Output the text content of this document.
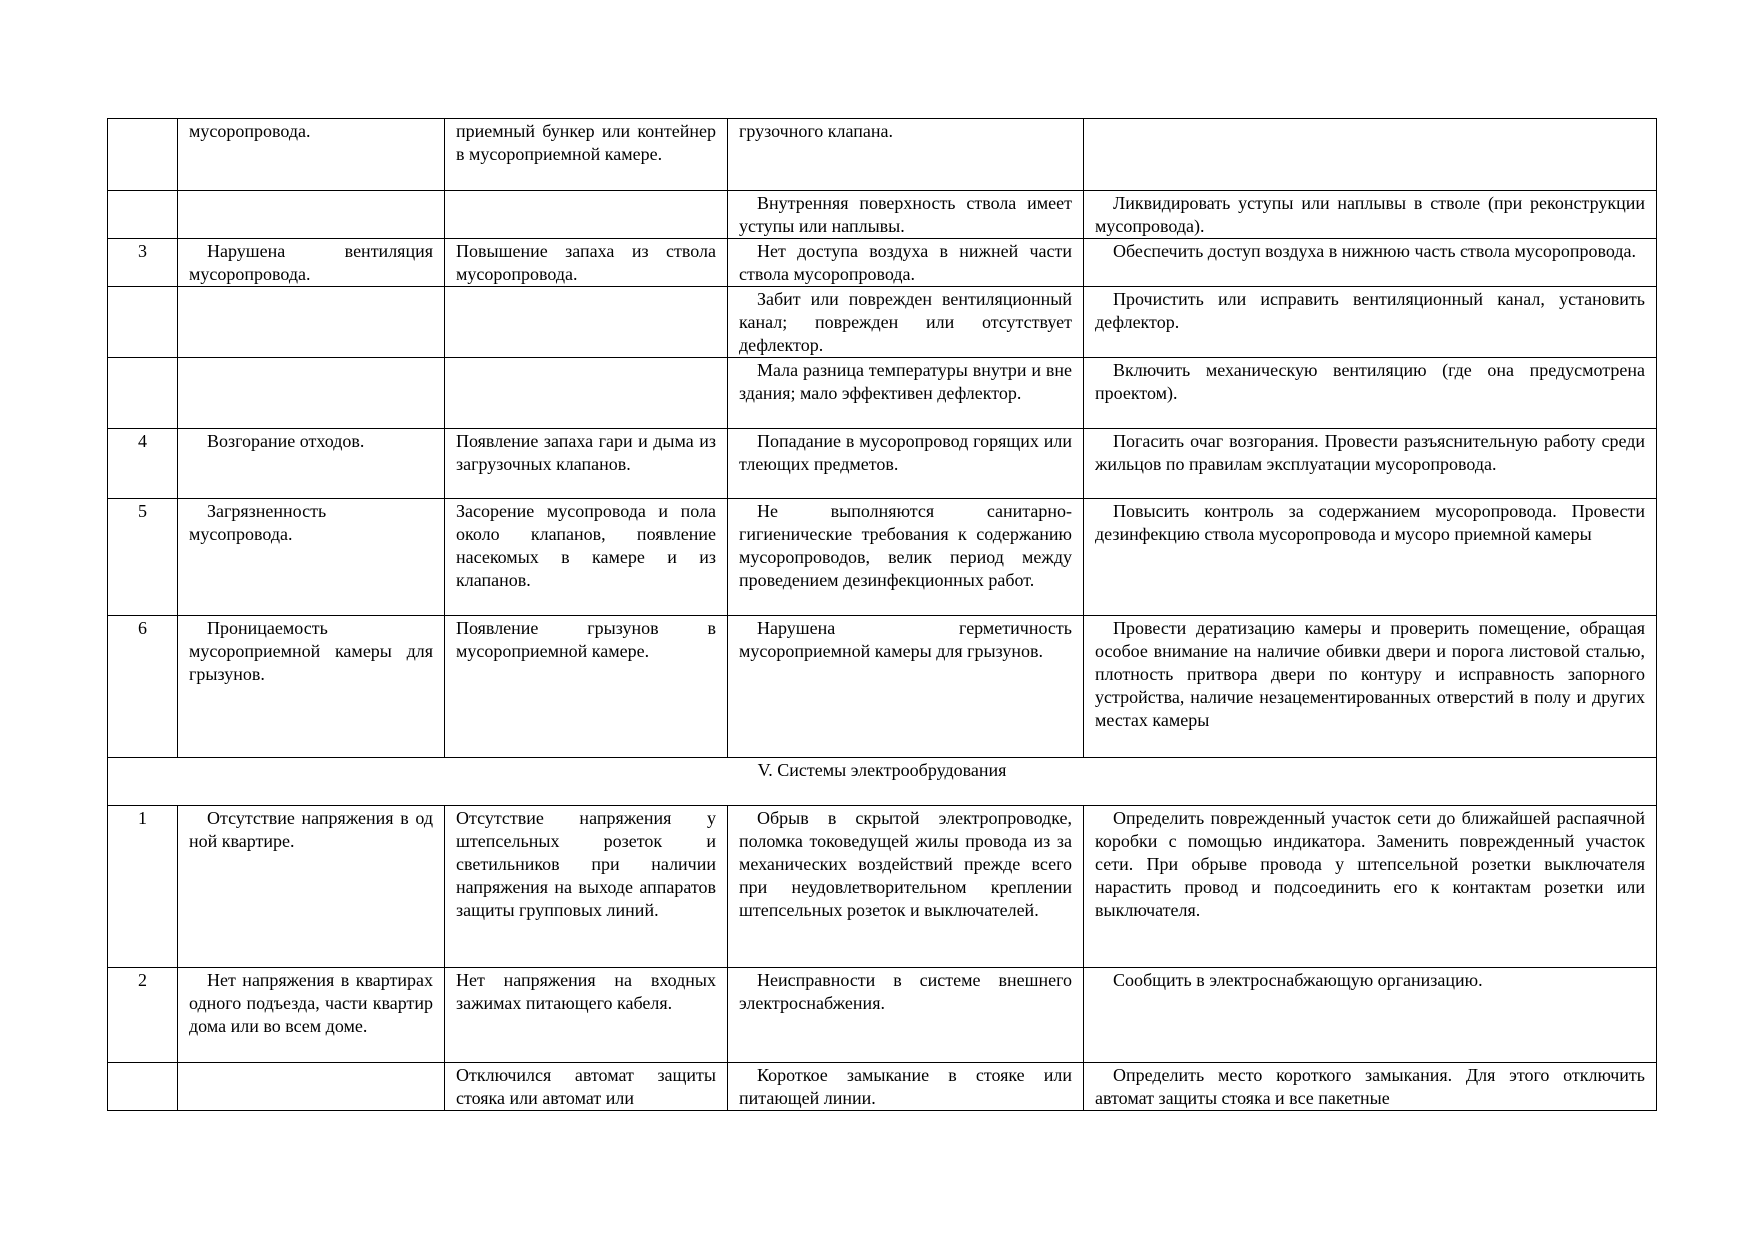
	мусоропровода.	приемный бункер или контейнер в мусороприемной камере.	грузочного клапана.	
			Внутренняя поверхность ствола имеет уступы или наплывы.	Ликвидировать уступы или наплывы в стволе (при реконструкции мусопровода).
3	Нарушена вентиляция мусоропровода.	Повышение запаха из ствола мусоропровода.	Нет доступа воздуха в нижней части ствола мусоропровода.	Обеспечить доступ воздуха в нижнюю часть ствола мусоропровода.
			Забит или поврежден вентиляционный канал; поврежден или отсутствует дефлектор.	Прочистить или исправить вентиляционный канал, установить дефлектор.
			Мала разница температуры внутри и вне здания; мало эффективен дефлектор.	Включить механическую вентиляцию (где она предусмотрена проектом).
4	Возгорание отходов.	Появление запаха гари и дыма из загрузочных клапанов.	Попадание в мусоропровод горящих или тлеющих предметов.	Погасить очаг возгорания. Провести разъяснительную работу среди жильцов по правилам эксплуатации мусоропровода.
5	Загрязненность мусопровода.	Засорение мусопровода и пола около клапанов, появление насекомых в камере и из клапанов.	Не выполняются санитарно-гигиенические требования к содержанию мусоропроводов, велик период между проведением дезинфекционных работ.	Повысить контроль за содержанием мусоропровода. Провести дезинфекцию ствола мусоропровода и мусоро приемной камеры
6	Проницаемость мусороприемной камеры для грызунов.	Появление грызунов в мусороприемной камере.	Нарушена герметичность мусороприемной камеры для грызунов.	Провести дератизацию камеры и проверить помещение, обращая особое внимание на наличие обивки двери и порога листовой сталью, плотность притвора двери по контуру и исправность запорного устройства, наличие незацементированных отверстий в полу и других местах камеры
V. Системы электрообрудования				
1	Отсутствие напряжения в од ной квартире.	Отсутствие напряжения у штепсельных розеток и светильников при наличии напряжения на выходе аппаратов защиты групповых линий.	Обрыв в скрытой электропроводке, поломка токоведущей жилы провода из за механических воздействий прежде всего при неудовлетворительном креплении штепсельных розеток и выключателей.	Определить поврежденный участок сети до ближайшей распаячной коробки с помощью индикатора. Заменить поврежденный участок сети. При обрыве провода у штепсельной розетки выключателя нарастить провод и подсоединить его к контактам розетки или выключателя.
2	Нет напряжения в квартирах одного подъезда, части квартир дома или во всем доме.	Нет напряжения на входных зажимах питающего кабеля.	Неисправности в системе внешнего электроснабжения.	Сообщить в электроснабжающую организацию.
		Отключился автомат защиты стояка или автомат или	Короткое замыкание в стояке или питающей линии.	Определить место короткого замыкания. Для этого отключить автомат защиты стояка и все пакетные
